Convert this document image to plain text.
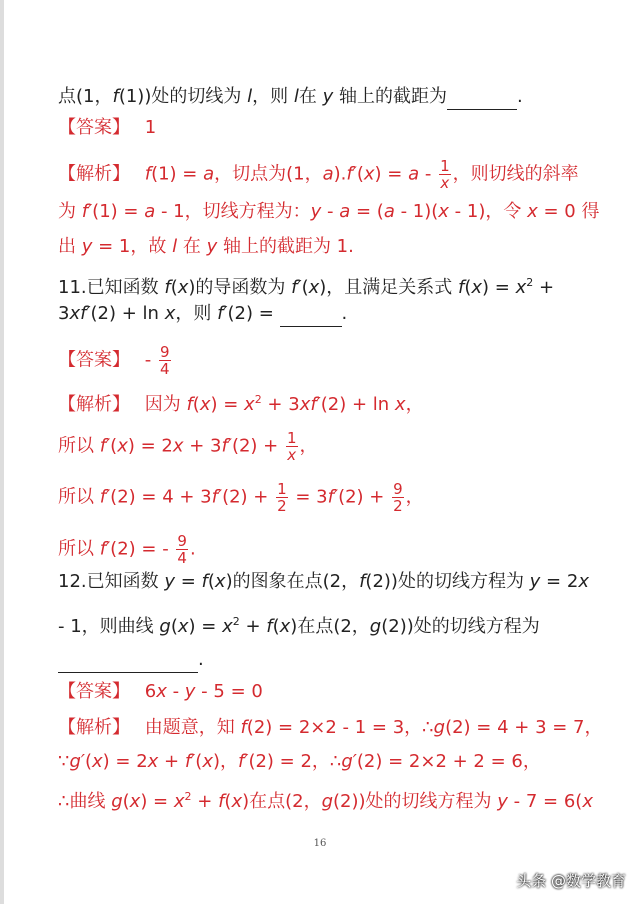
点(1，f(1))处的切线为 l，则 l在 y 轴上的截距为	.
【答案】　 1
【解析】　 f(1) = a，切点为(1，$a).f'(x) = a - \frac{1}{x}$ ，则切线的斜率
为 f′(1) = a - 1，切线方程为：y - a = (a - 1)(x - 1)，令 x = 0 得
出 y = 1，故 l 在 y 轴上的截距为 1.
11.已知函数 f(x)的导函数为 f′(x)，且满足关系式 $f(x) = x^2$ +
3xf′(2) + ln x，则 f′(2) =	.
【答案】　 - $\frac{9}{4}$
【解析】　 因为 $f(x) = x^2 + 3xf'(2) + \ln x$，
所以 $f'(x) = 2x + 3f'(2) + \frac{1}{x}$ ，
所以 $f'(2) = 4 + 3f'(2) + \frac{1}{2} = 3f'(2) + \frac{9}{2}$ ，
所以 f′(2) = - $\frac{9}{4}$ .
12.已知函数 y = f(x)的图象在点(2，f(2))处的切线方程为 y = 2x
- 1，则曲线 $g(x) = x^2 + f(x)$在点(2，g(2))处的切线方程为
.
【答案】　 6x - y - 5 = 0
【解析】　 由题意，知 f(2) = 2×2 - 1 = 3，∴g(2) = 4 + 3 = 7，
∵g′(x) = 2x + f′(x)，f′(2) = 2，∴g′(2) = 2×2 + 2 = 6，
∴曲线 $g(x) = x^2 + f(x)$在点(2，g(2))处的切线方程为 y - 7 = 6(x
16
头条 @数学教育
